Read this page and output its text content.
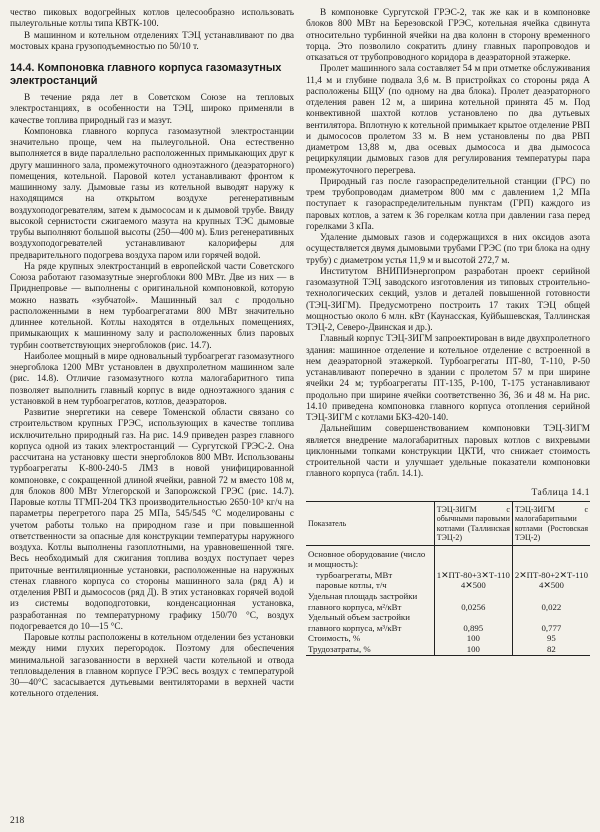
чество пиковых водогрейных котлов целесообразно использовать пылеугольные котлы типа КВТК-100.

В машинном и котельном отделениях ТЭЦ устанавливают по два мостовых крана грузоподъемностью по 50/10 т.

14.4. Компоновка главного корпуса газомазутных электростанций

В течение ряда лет в Советском Союзе на тепловых электростанциях, в особенности на ТЭЦ, широко применяли в качестве топлива природный газ и мазут.

Компоновка главного корпуса газомазутной электростанции значительно проще, чем на пылеугольной. Она естественно выполняется в виде параллельно расположенных примыкающих друг к другу машинного зала, промежуточного одноэтажного (деаэраторного) помещения, котельной. Паровой котел устанавливают фронтом к машинному залу. Дымовые газы из котельной выводят наружу к находящимся на открытом воздухе регенеративным воздухоподогревателям, затем к дымососам и к дымовой трубе. Ввиду высокой сернистости сжигаемого мазута на крупных ТЭС дымовые трубы выполняют большой высоты (250—400 м). Близ регенеративных воздухоподогревателей устанавливают калориферы для предварительного подогрева воздуха паром или горячей водой.

На ряде крупных электростанций в европейской части Советского Союза работают газомазутные энергоблоки 800 МВт. Две из них — в Приднепровье — выполнены с оригинальной компоновкой, которую можно назвать «зубчатой». Машинный зал с продольно расположенными в нем турбоагрегатами 800 МВт значительно длиннее котельной. Котлы находятся в отдельных помещениях, примыкающих к машинному залу и расположенных близ паровых турбин соответствующих энергоблоков (рис. 14.7).

Наиболее мощный в мире одновальный турбоагрегат газомазутного энергоблока 1200 МВт установлен в двухпролетном машинном зале (рис. 14.8). Отличие газомазутного котла малогабаритного типа позволяет выполнить главный корпус в виде одноэтажного здания с установкой в нем турбоагрегатов, котлов, деаэраторов.

Развитие энергетики на севере Томенской области связано со строительством крупных ГРЭС, использующих в качестве топлива исключительно природный газ. На рис. 14.9 приведен разрез главного корпуса одной из таких электростанций — Сургутской ГРЭС-2. Она рассчитана на установку шести энергоблоков 800 МВт. Использованы турбоагрегаты К-800-240-5 ЛМЗ в новой унифицированной компоновке, с сокращенной длиной ячейки, равной 72 м вместо 108 м, для блоков 800 МВт Углегорской и Запорожской ГРЭС (рис. 14.7). Паровые котлы ТГМП-204 ТКЗ производительностью 2650·10³ кг/ч на параметры перегретого пара 25 МПа, 545/545 °С моделированы с учетом работы только на природном газе и при повышенной ответственности за опасные для конструкции температуры наружного воздуха. Котлы выполнены газоплотными, на уравновешенной тяге. Весь необходимый для сжигания топлива воздух поступает через приточные вентиляционные установки, расположенные на наружных стенах главного корпуса со стороны машинного зала (ряд А) и отделения РВП и дымососов (ряд Д). В этих установках горячей водой из системы водоподготовки, конденсационная установка, разработанная по температурному графику 150/70 °С, воздух подогревается до 10—15 °С.

Паровые котлы расположены в котельном отделении без установки между ними глухих перегородок. Поэтому для обеспечения минимальной загазованности в верхней части котельной и отвода тепловыделения в главном корпусе ГРЭС весь воздух с температурой 30—40°С засасывается дутьевыми вентиляторами в верхней части котельного отделения.

В компоновке Сургутской ГРЭС-2, так же как и в компоновке блоков 800 МВт на Березовской ГРЭС, котельная ячейка сдвинута относительно турбинной ячейки на два колонн в сторону временного торца. Это позволило сократить длину главных паропроводов и отказаться от трубопроводного коридора в деаэраторной этажерке.

Пролет машинного зала составляет 54 м при отметке обслуживания 11,4 м и глубине подвала 3,6 м. В пристройках со стороны ряда А расположены БЩУ (по одному на два блока). Пролет деаэраторного отделения равен 12 м, а ширина котельной принята 45 м. Под конвективной шахтой котлов установлено по два дутьевых вентилятора. Вплотную к котельной примыкает крытое отделение РВП и дымососов пролетом 33 м. В нем установлены по два РВП диаметром 13,88 м, два осевых дымососа и два дымососа рециркуляции дымовых газов для регулирования температуры пара промежуточного перегрева.

Природный газ после газораспределительной станции (ГРС) по трем трубопроводам диаметром 800 мм с давлением 1,2 МПа поступает к газораспределительным пунктам (ГРП) каждого из паровых котлов, а затем к 36 горелкам котла при давлении газа перед горелками 3 кПа.

Удаление дымовых газов и содержащихся в них оксидов азота осуществляется двумя дымовыми трубами ГРЭС (по три блока на одну трубу) с диаметром устья 11,9 м и высотой 272,7 м.

Институтом ВНИПИэнергопром разработан проект серийной газомазутной ТЭЦ заводского изготовления из типовых строительно-технологических секций, узлов и деталей повышенной готовности (ТЭЦ-ЗИГМ). Предусмотрено построить 17 таких ТЭЦ общей мощностью около 6 млн. кВт (Каунасская, Куйбышевская, Таллинская ТЭЦ-2, Северо-Двинская и др.).

Главный корпус ТЭЦ-ЗИГМ запроектирован в виде двухпролетного здания: машинное отделение и котельное отделение с встроенной в нем деаэраторной этажеркой. Турбоагрегаты ПТ-80, Т-110, Р-50 устанавливают поперечно в здании с пролетом 57 м при ширине ячейки 24 м; турбоагрегаты ПТ-135, Р-100, Т-175 устанавливают продольно при ширине ячейки соответственно 36, 36 и 48 м. На рис. 14.10 приведена компоновка главного корпуса отопления серийной ТЭЦ-ЗИГМ с котлами БКЗ-420-140.

Дальнейшим совершенствованием компоновки ТЭЦ-ЗИГМ является внедрение малогабаритных паровых котлов с вихревыми циклонными топками конструкции ЦКТИ, что снижает стоимость строительной части и улучшает удельные показатели компоновки главного корпуса (табл. 14.1).

Таблица 14.1
Показатель	ТЭЦ-ЗИГМ с обычными паровыми котлами (Таллинская ТЭЦ-2)	ТЭЦ-ЗИГМ с малогабаритными котлами (Ростовская ТЭЦ-2)
Основное оборудование (число и мощность):		
турбоагрегаты, МВт	1✕ПТ-80+3✕Т-110	2✕ПТ-80+2✕Т-110
паровые котлы, т/ч	4✕500	4✕500
Удельная площадь застройки главного корпуса, м²/кВт	0,0256	0,022
Удельный объем застройки главного корпуса, м³/кВт	0,895	0,777
Стоимость, %	100	95
Трудозатраты, %	100	82
218
